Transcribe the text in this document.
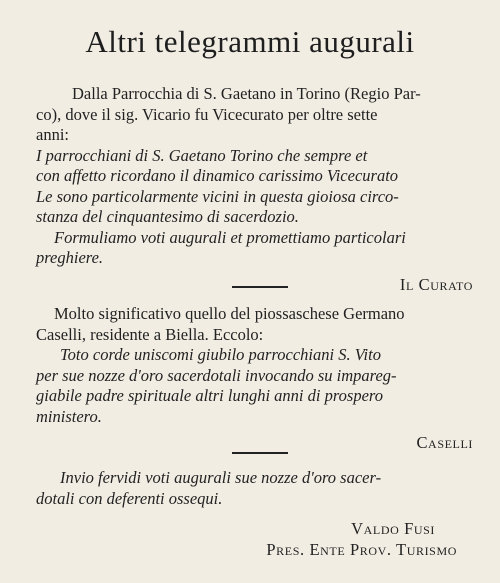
Altri telegrammi augurali
Dalla Parrocchia di S. Gaetano in Torino (Regio Par-
co), dove il sig. Vicario fu Vicecurato per oltre sette
anni:
I parrocchiani di S. Gaetano Torino che sempre et
con affetto ricordano il dinamico carissimo Vicecurato
Le sono particolarmente vicini in questa gioiosa circo-
stanza del cinquantesimo di sacerdozio.
Formuliamo voti augurali et promettiamo particolari
preghiere.
Il Curato
Molto significativo quello del piossaschese Germano
Caselli, residente a Biella. Eccolo:
Toto corde uniscomi giubilo parrocchiani S. Vito
per sue nozze d'oro sacerdotali invocando su impareg-
giabile padre spirituale altri lunghi anni di prospero
ministero.
Caselli
Invio fervidi voti augurali sue nozze d'oro sacer-
dotali con deferenti ossequi.
Valdo Fusi
Pres. Ente Prov. Turismo
